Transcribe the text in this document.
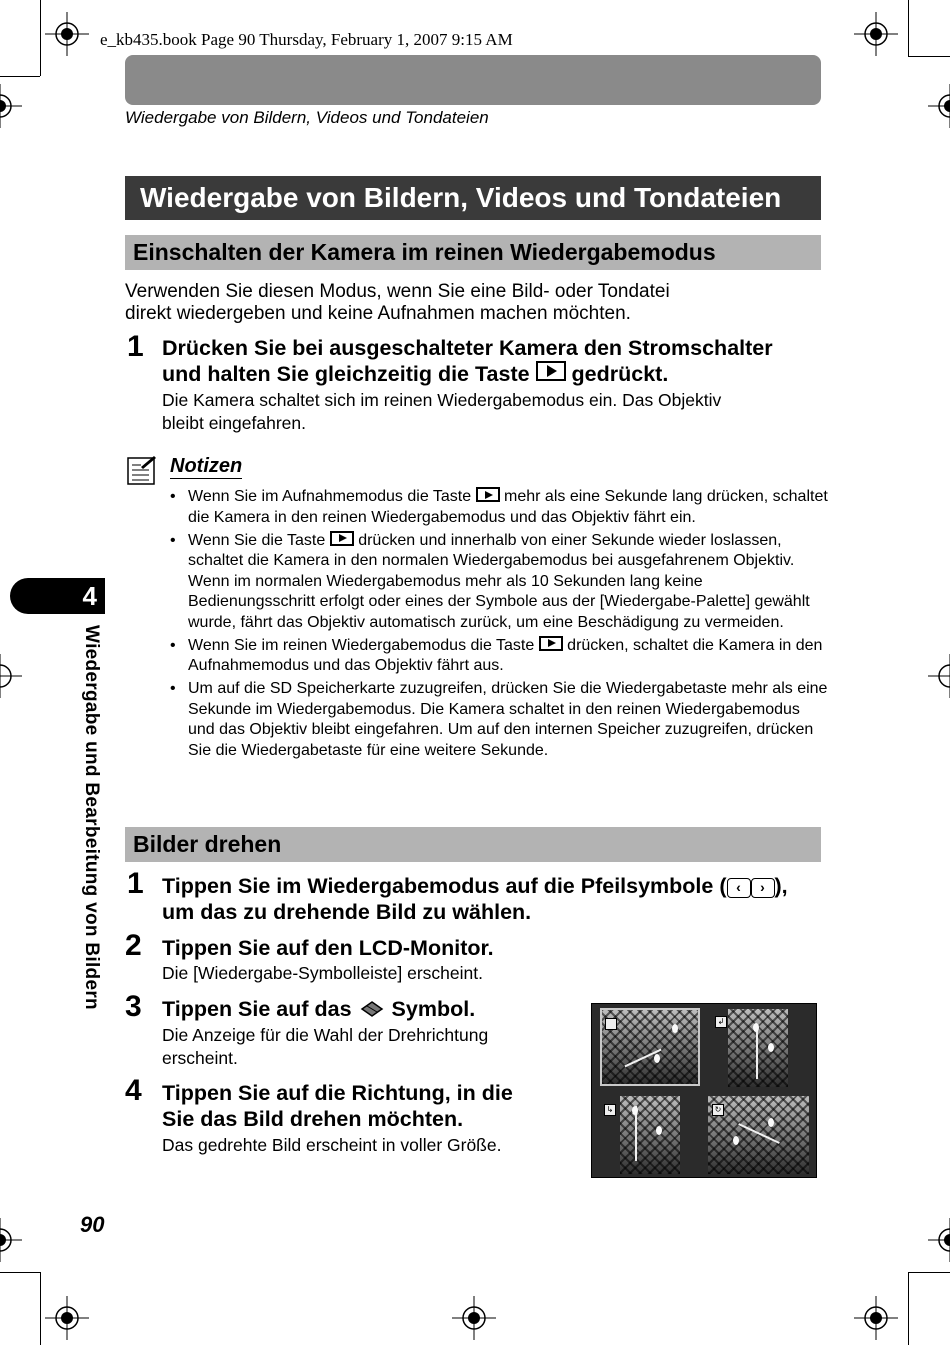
e_kb435.book Page 90 Thursday, February 1, 2007 9:15 AM
Wiedergabe von Bildern, Videos und Tondateien
Wiedergabe von Bildern, Videos und Tondateien
Einschalten der Kamera im reinen Wiedergabemodus
Verwenden Sie diesen Modus, wenn Sie eine Bild- oder Tondatei
direkt wiedergeben und keine Aufnahmen machen möchten.
1 Drücken Sie bei ausgeschalteter Kamera den Stromschalter
und halten Sie gleichzeitig die Taste gedrückt.
Die Kamera schaltet sich im reinen Wiedergabemodus ein. Das Objektiv
bleibt eingefahren.
Notizen
• Wenn Sie im Aufnahmemodus die Taste mehr als eine Sekunde lang drücken, schaltet die Kamera in den reinen Wiedergabemodus und das Objektiv fährt ein.
• Wenn Sie die Taste drücken und innerhalb von einer Sekunde wieder loslassen, schaltet die Kamera in den normalen Wiedergabemodus bei ausgefahrenem Objektiv. Wenn im normalen Wiedergabemodus mehr als 10 Sekunden lang keine Bedienungsschritt erfolgt oder eines der Symbole aus der [Wiedergabe-Palette] gewählt wurde, fährt das Objektiv automatisch zurück, um eine Beschädigung zu vermeiden.
• Wenn Sie im reinen Wiedergabemodus die Taste drücken, schaltet die Kamera in den Aufnahmemodus und das Objektiv fährt aus.
• Um auf die SD Speicherkarte zuzugreifen, drücken Sie die Wiedergabetaste mehr als eine Sekunde im Wiedergabemodus. Die Kamera schaltet in den reinen Wiedergabemodus und das Objektiv bleibt eingefahren. Um auf den internen Speicher zuzugreifen, drücken Sie die Wiedergabetaste für eine weitere Sekunde.
Bilder drehen
1 Tippen Sie im Wiedergabemodus auf die Pfeilsymbole ( ‹ › ),
um das zu drehende Bild zu wählen.
2 Tippen Sie auf den LCD-Monitor.
Die [Wiedergabe-Symbolleiste] erscheint.
3 Tippen Sie auf das Symbol.
Die Anzeige für die Wahl der Drehrichtung
erscheint.
4 Tippen Sie auf die Richtung, in die
Sie das Bild drehen möchten.
Das gedrehte Bild erscheint in voller Größe.
↲
↳	↻
4
Wiedergabe und Bearbeitung von Bildern
90
